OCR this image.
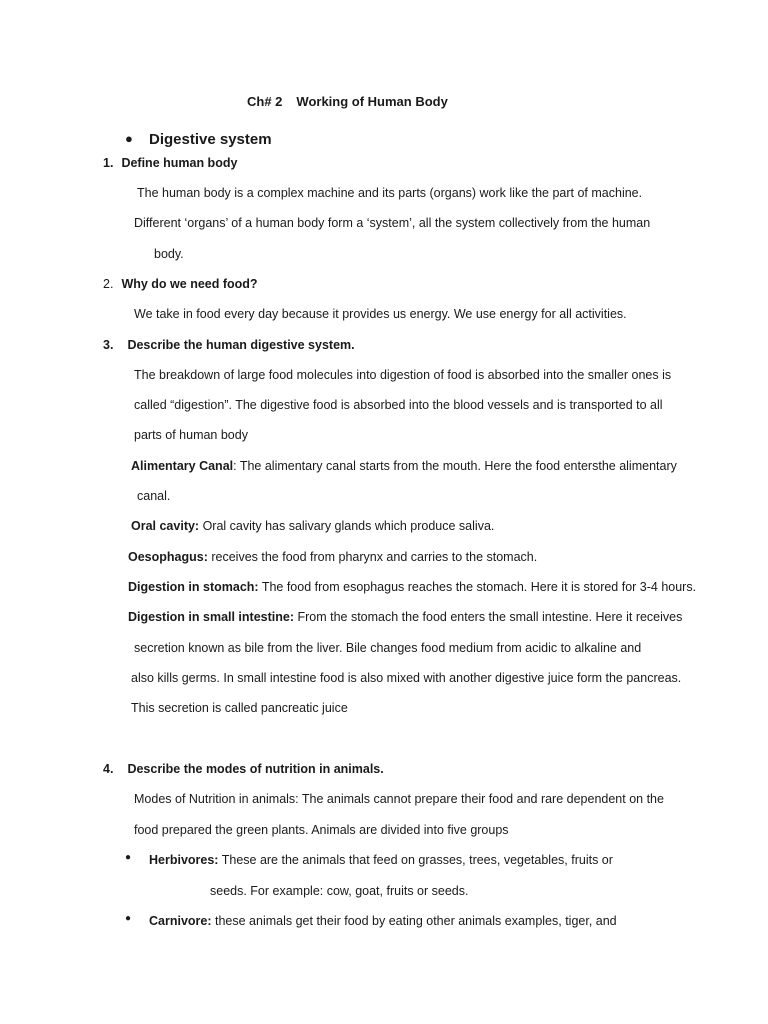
Ch# 2 Working of Human Body
● Digestive system
1. Define human body
The human body is a complex machine and its parts (organs) work like the part of machine.
Different ‘organs’ of a human body form a ‘system’, all the system collectively from the human
body.
2. Why do we need food?
We take in food every day because it provides us energy. We use energy for all activities.
3. Describe the human digestive system.
The breakdown of large food molecules into digestion of food is absorbed into the smaller ones is
called “digestion”. The digestive food is absorbed into the blood vessels and is transported to all
parts of human body
Alimentary Canal: The alimentary canal starts from the mouth. Here the food entersthe alimentary
canal.
Oral cavity: Oral cavity has salivary glands which produce saliva.
Oesophagus: receives the food from pharynx and carries to the stomach.
Digestion in stomach: The food from esophagus reaches the stomach. Here it is stored for 3-4 hours.
Digestion in small intestine: From the stomach the food enters the small intestine. Here it receives
secretion known as bile from the liver. Bile changes food medium from acidic to alkaline and
also kills germs. In small intestine food is also mixed with another digestive juice form the pancreas.
This secretion is called pancreatic juice
4. Describe the modes of nutrition in animals.
Modes of Nutrition in animals: The animals cannot prepare their food and rare dependent on the
food prepared the green plants. Animals are divided into five groups
● Herbivores: These are the animals that feed on grasses, trees, vegetables, fruits or
seeds. For example: cow, goat, fruits or seeds.
● Carnivore: these animals get their food by eating other animals examples, tiger, and
